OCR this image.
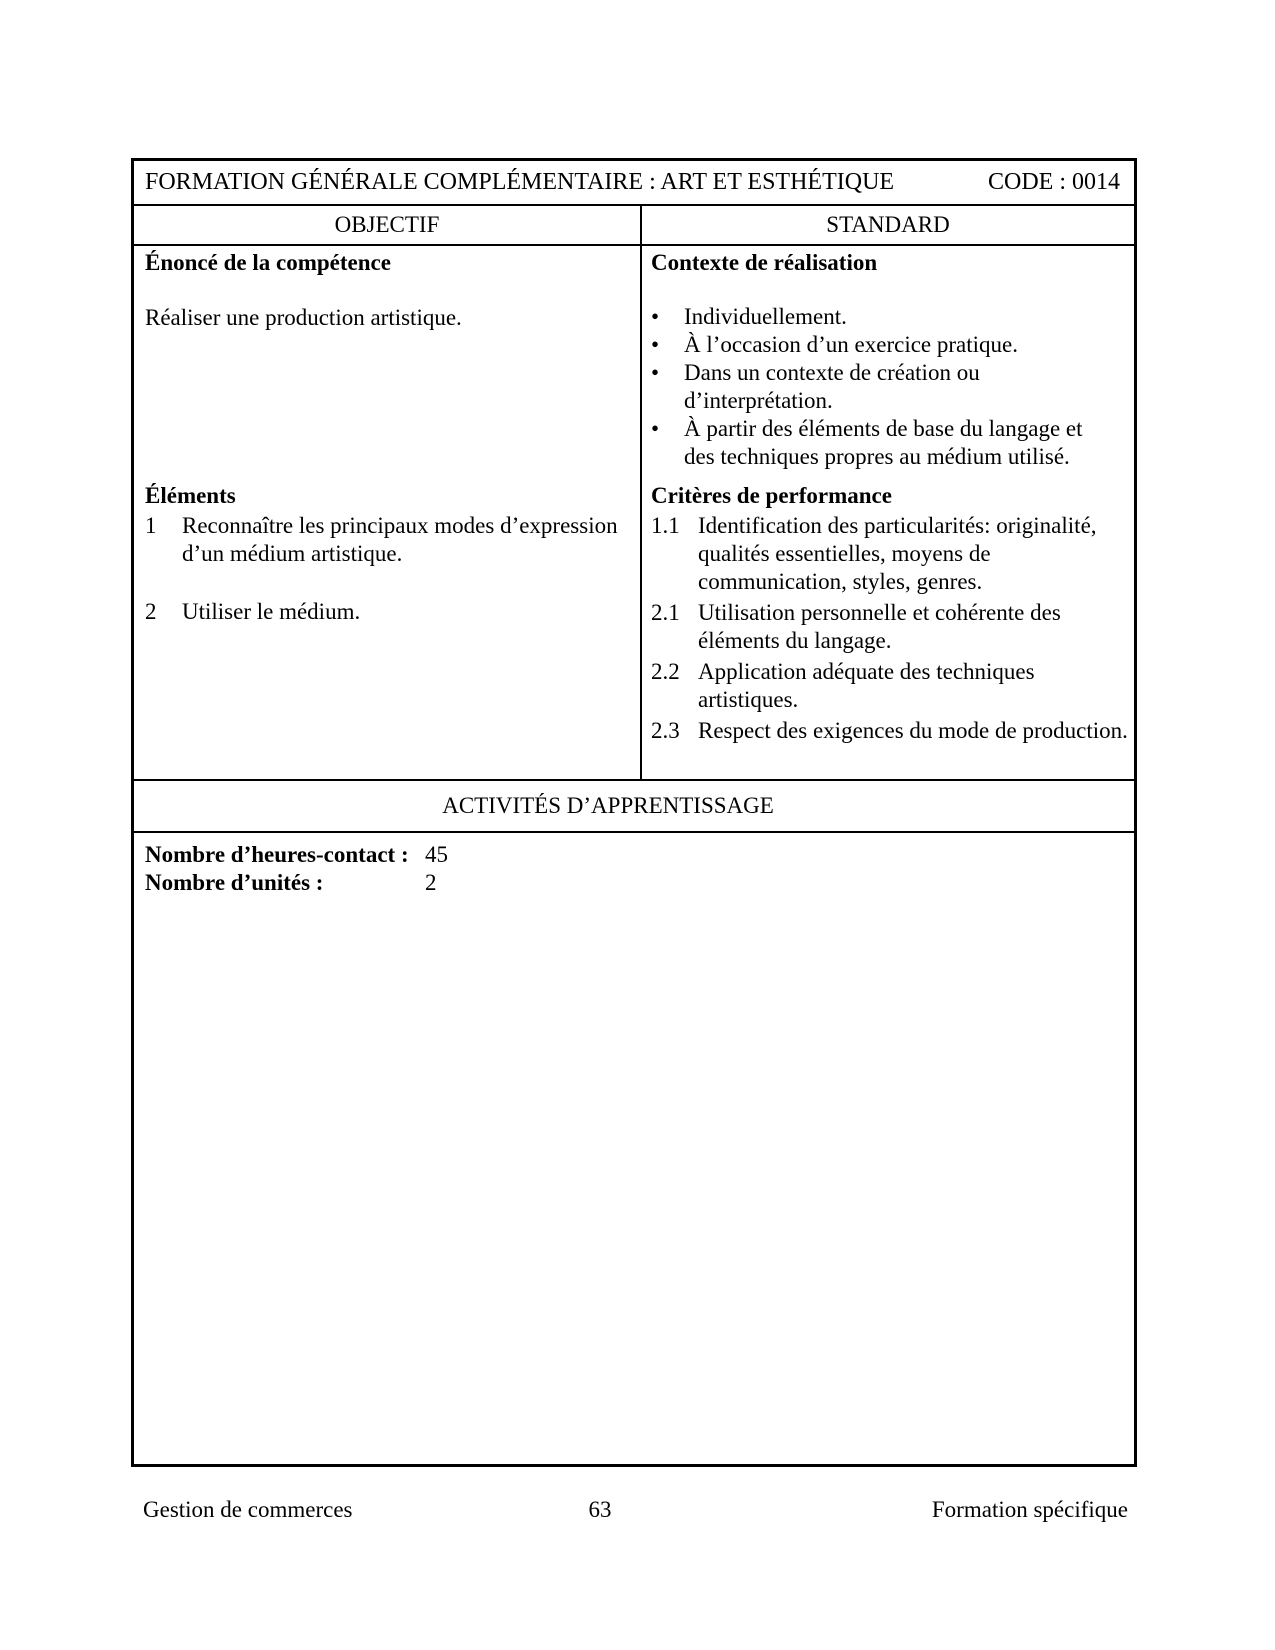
FORMATION GÉNÉRALE COMPLÉMENTAIRE : ART ET ESTHÉTIQUE	CODE : 0014
OBJECTIF	STANDARD
Énoncé de la compétence
Réaliser une production artistique.
Éléments
1	Reconnaître les principaux modes d’expression
d’un médium artistique.
2	Utiliser le médium.
Contexte de réalisation
•	Individuellement.
•	À l’occasion d’un exercice pratique.
•	Dans un contexte de création ou
d’interprétation.
•	À partir des éléments de base du langage et
des techniques propres au médium utilisé.
Critères de performance
1.1 Identification des particularités: originalité,
qualités essentielles, moyens de
communication, styles, genres.
2.1 Utilisation personnelle et cohérente des
éléments du langage.
2.2 Application adéquate des techniques
artistiques.
2.3 Respect des exigences du mode de production.
ACTIVITÉS D’APPRENTISSAGE
Nombre d’heures-contact : 45
Nombre d’unités :	2
Gestion de commerces	63	Formation spécifique
